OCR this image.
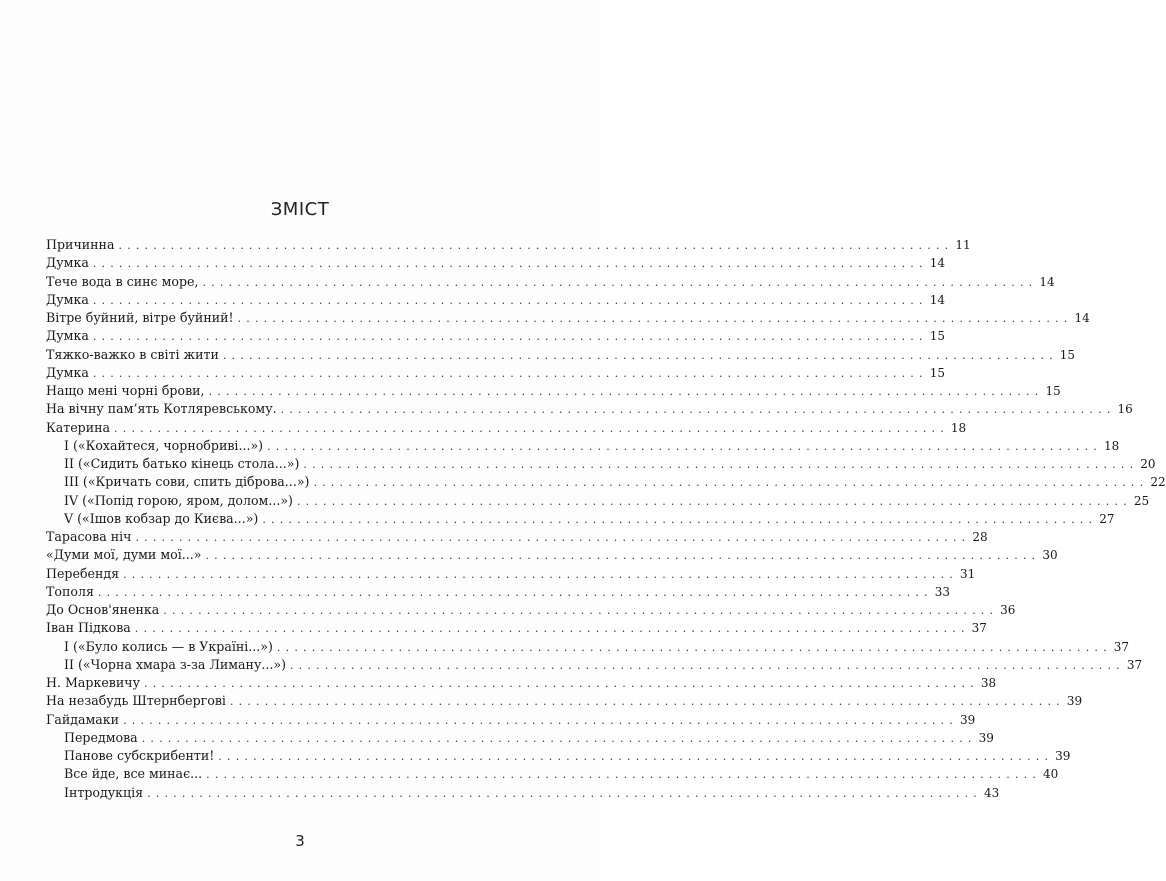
ЗМІСТ
Причинна ................................................................................................ 11
Думка ................................................................................................ 14
Тече вода в синє море, ................................................................................................ 14
Думка ................................................................................................ 14
Вітре буйний, вітре буйний! ................................................................................................ 14
Думка ................................................................................................ 15
Тяжко-важко в світі жити ................................................................................................ 15
Думка ................................................................................................ 15
Нащо мені чорні брови, ................................................................................................ 15
На вічну пам’ять Котляревському. ................................................................................................ 16
Катерина ................................................................................................ 18
I («Кохайтеся, чорнобриві...») ................................................................................................ 18
II («Сидить батько кінець стола...») ................................................................................................ 20
III («Кричать сови, спить діброва...») ................................................................................................ 22
IV («Попід горою, яром, долом...») ................................................................................................ 25
V («Ішов кобзар до Києва...») ................................................................................................ 27
Тарасова ніч ................................................................................................ 28
«Думи мої, думи мої...» ................................................................................................ 30
Перебендя ................................................................................................ 31
Тополя ................................................................................................ 33
До Основ'яненка ................................................................................................ 36
Іван Підкова ................................................................................................ 37
I («Було колись — в Україні...») ................................................................................................ 37
II («Чорна хмара з-за Лиману...») ................................................................................................ 37
Н. Маркевичу ................................................................................................ 38
На незабудь Штернбергові ................................................................................................ 39
Гайдамаки ................................................................................................ 39
Передмова ................................................................................................ 39
Панове субскрибенти! ................................................................................................ 39
Все йде, все минає... ................................................................................................ 40
Інтродукція ................................................................................................ 43
3
